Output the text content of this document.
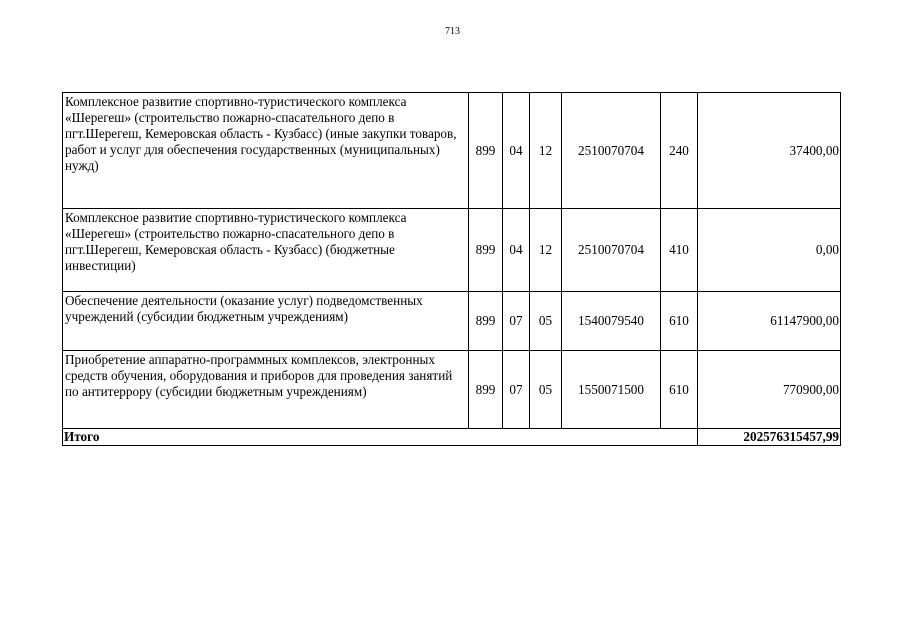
713
Комплексное развитие спортивно-туристического комплекса «Шерегеш» (строительство пожарно-спасательного депо в пгт.Шерегеш, Кемеровская область - Кузбасс) (иные закупки товаров, работ и услуг для обеспечения государственных (муниципальных) нужд)	899	04	12	2510070704	240	37400,00
Комплексное развитие спортивно-туристического комплекса «Шерегеш» (строительство пожарно-спасательного депо в пгт.Шерегеш, Кемеровская область - Кузбасс) (бюджетные инвестиции)	899	04	12	2510070704	410	0,00
Обеспечение деятельности (оказание услуг) подведомственных учреждений (субсидии бюджетным учреждениям)	899	07	05	1540079540	610	61147900,00
Приобретение аппаратно-программных комплексов, электронных средств обучения, оборудования и приборов для проведения занятий по антитеррору (субсидии бюджетным учреждениям)	899	07	05	1550071500	610	770900,00
Итого						202576315457,99
